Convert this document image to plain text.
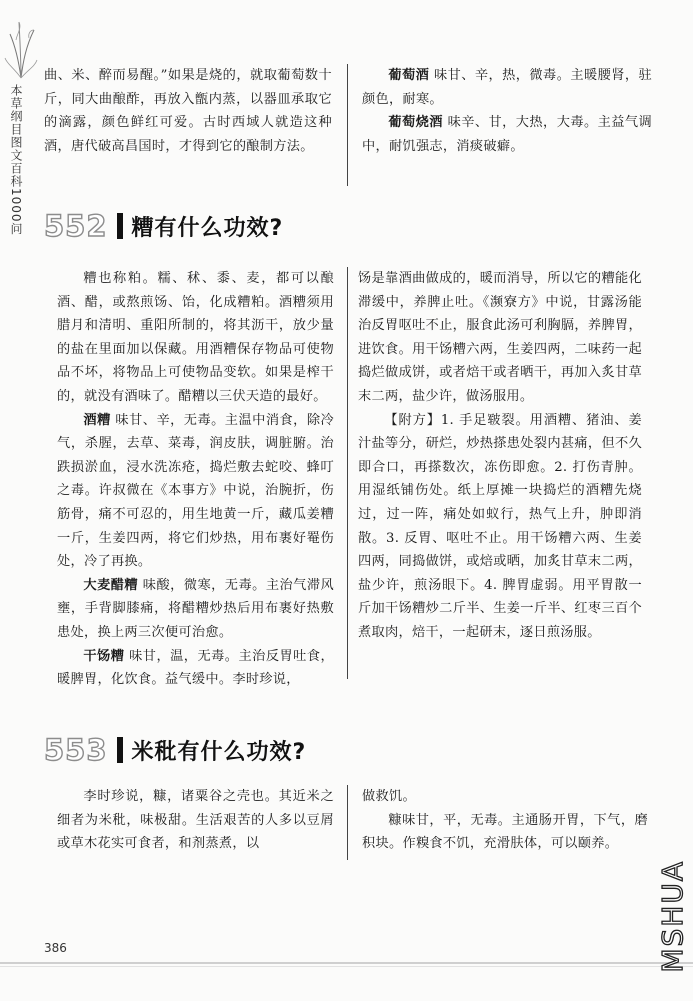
本草纲目图文百科1000问

曲、米、醉而易醒。”如果是烧的，就取葡萄数十斤，同大曲酿酢，再放入甑内蒸，以器皿承取它的滴露，颜色鲜红可爱。古时西域人就造这种酒，唐代破高昌国时，才得到它的酿制方法。

葡萄酒 味甘、辛，热，微毒。主暖腰肾，驻颜色，耐寒。

葡萄烧酒 味辛、甘，大热，大毒。主益气调中，耐饥强志，消痰破癖。

552 糟有什么功效?

糟也称粕。糯、秫、黍、麦，都可以酿酒、醋，或熬煎饧、饴，化成糟粕。酒糟须用腊月和清明、重阳所制的，将其沥干，放少量的盐在里面加以保藏。用酒糟保存物品可使物品不坏，将物品上可使物品变软。如果是榨干的，就没有酒味了。醋糟以三伏天造的最好。

酒糟 味甘、辛，无毒。主温中消食，除冷气，杀腥，去草、菜毒，润皮肤，调脏腑。治跌损淤血，浸水洗冻疮，捣烂敷去蛇咬、蜂叮之毒。许叔微在《本事方》中说，治腕折，伤筋骨，痛不可忍的，用生地黄一斤，藏瓜姜糟一斤，生姜四两，将它们炒热，用布裹好罨伤处，冷了再换。

大麦醋糟 味酸，微寒，无毒。主治气滞风壅，手背脚膝痛，将醋糟炒热后用布裹好热敷患处，换上两三次便可治愈。

干饧糟 味甘，温，无毒。主治反胃吐食，暖脾胃，化饮食。益气缓中。李时珍说，

饧是靠酒曲做成的，暖而消导，所以它的糟能化滞缓中，养脾止吐。《濒寮方》中说，甘露汤能治反胃呕吐不止，服食此汤可利胸膈，养脾胃，进饮食。用干饧糟六两，生姜四两，二味药一起捣烂做成饼，或者焙干或者晒干，再加入炙甘草末二两，盐少许，做汤服用。

【附方】1. 手足皲裂。用酒糟、猪油、姜汁盐等分，研烂，炒热搽患处裂内甚痛，但不久即合口，再搽数次，冻伤即愈。2. 打伤青肿。用湿纸铺伤处。纸上厚摊一块捣烂的酒糟先烧过，过一阵，痛处如蚁行，热气上升，肿即消散。3. 反胃、呕吐不止。用干饧糟六两、生姜四两，同捣做饼，或焙或晒，加炙甘草末二两，盐少许，煎汤眼下。4. 脾胃虚弱。用平胃散一斤加干饧糟炒二斤半、生姜一斤半、红枣三百个煮取肉，焙干，一起研末，逐日煎汤服。

553 米秕有什么功效?

李时珍说，糠，诸粟谷之壳也。其近米之细者为米秕，味极甜。生活艰苦的人多以豆屑或草木花实可食者，和剂蒸煮，以

做救饥。

糠味甘，平，无毒。主通肠开胃，下气，磨积块。作糗食不饥，充滑肤体，可以颐养。

386	MSHUA
